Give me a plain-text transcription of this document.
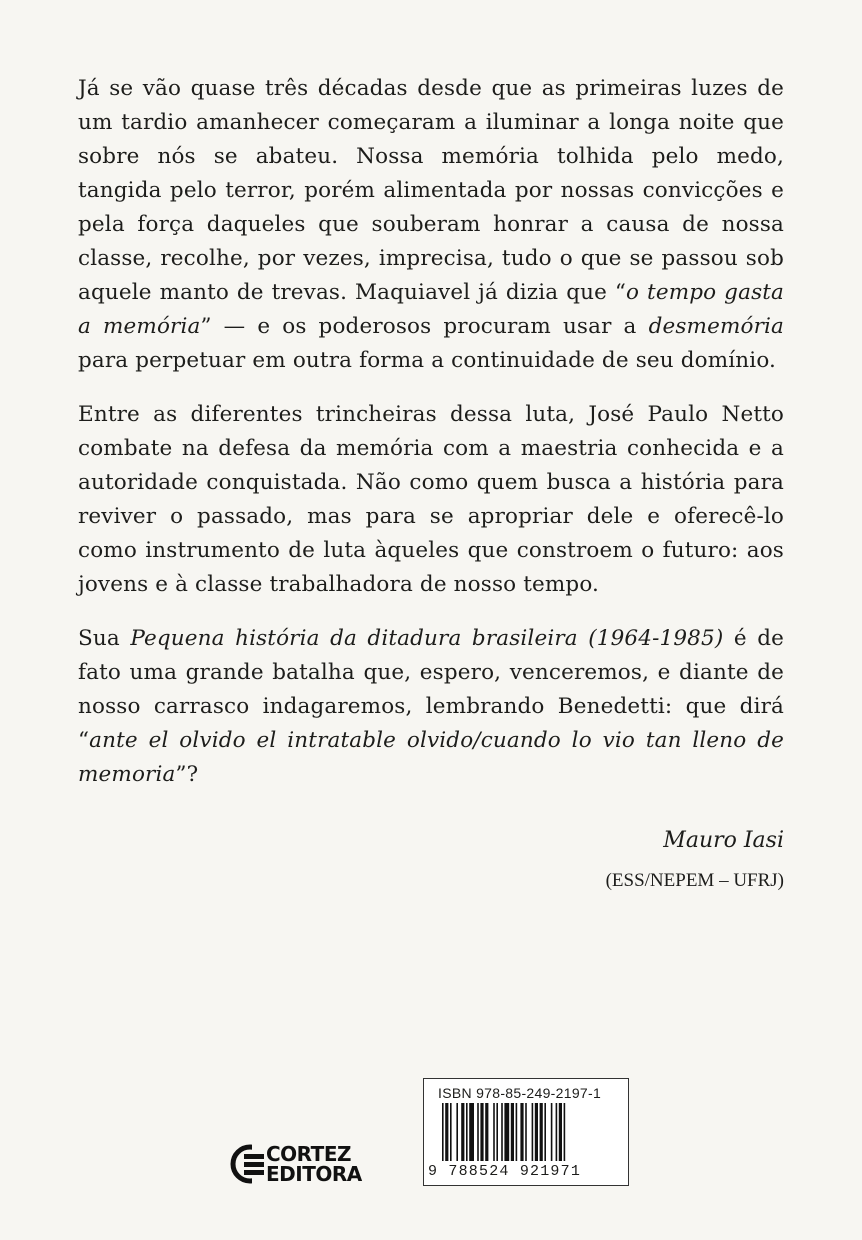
Já se vão quase três décadas desde que as primeiras luzes de um tardio amanhecer começaram a iluminar a longa noite que sobre nós se abateu. Nossa memória tolhida pelo medo, tangida pelo terror, porém alimentada por nossas convicções e pela força daqueles que souberam honrar a causa de nossa classe, recolhe, por vezes, imprecisa, tudo o que se passou sob aquele manto de trevas. Maquiavel já dizia que “o tempo gasta a memória” — e os poderosos procuram usar a desmemória para perpetuar em outra forma a continuidade de seu domínio.

Entre as diferentes trincheiras dessa luta, José Paulo Netto combate na defesa da memória com a maestria conhecida e a autoridade conquistada. Não como quem busca a história para reviver o passado, mas para se apropriar dele e oferecê-lo como instrumento de luta àqueles que constroem o futuro: aos jovens e à classe trabalhadora de nosso tempo.

Sua Pequena história da ditadura brasileira (1964-1985) é de fato uma grande batalha que, espero, venceremos, e diante de nosso carrasco indagaremos, lembrando Benedetti: que dirá “ante el olvido el intratable olvido/cuando lo vio tan lleno de memoria”?

Mauro Iasi
(ESS/NEPEM – UFRJ)
CORTEZ
EDITORA
ISBN 978-85-249-2197-1
9 788524 921971
